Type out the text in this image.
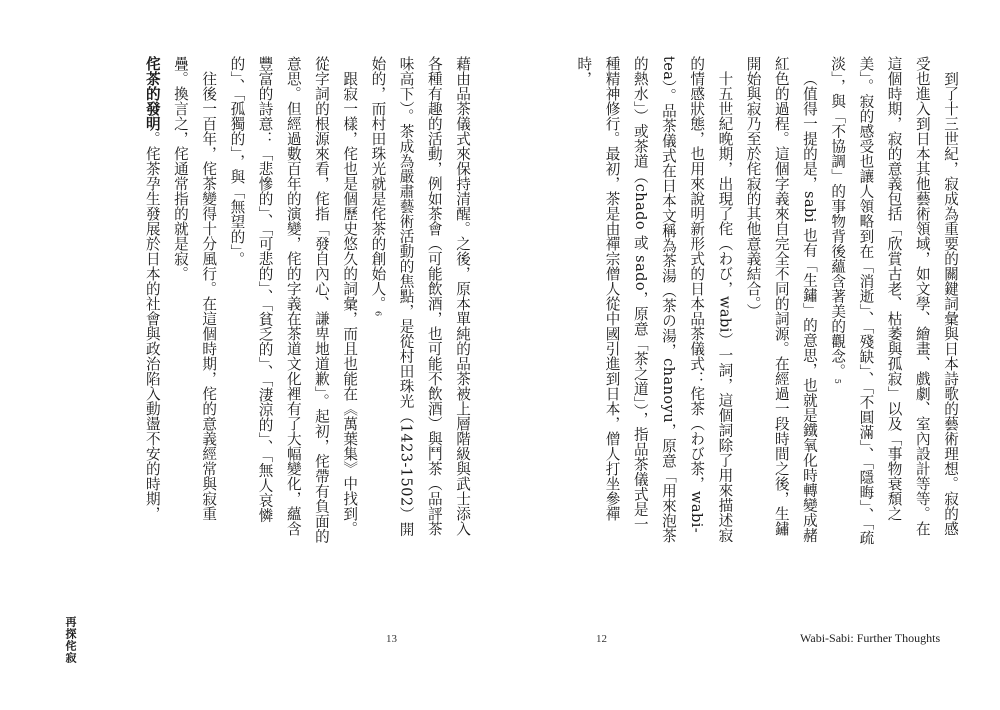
藉由品茶儀式來保持清醒。之後，原本單純的品茶被上層階級與武士添入各種有趣的活動，例如茶會（可能飲酒，也可能不飲酒）與鬥茶（品評茶味高下）。茶成為嚴肅藝術活動的焦點，是從村田珠光（1423-1502）開始的，而村田珠光就是侘茶的創始人。6

跟寂一樣，侘也是個歷史悠久的詞彙，而且也能在《萬葉集》中找到。從字詞的根源來看，侘指「發自內心、謙卑地道歉」。起初，侘帶有負面的意思。但經過數百年的演變，侘的字義在茶道文化裡有了大幅變化，蘊含豐富的詩意：「悲慘的」、「可悲的」、「貧乏的」、「淒涼的」、「無人哀憐的」、「孤獨的」，與「無望的」。

往後一百年，侘茶變得十分風行。在這個時期，侘的意義經常與寂重疊。換言之，侘通常指的就是寂。

侘茶的發明。侘茶孕生發展於日本的社會與政治陷入動盪不安的時期，

再探侘寂	13

到了十三世紀，寂成為重要的關鍵詞彙與日本詩歌的藝術理想。寂的感受也進入到日本其他藝術領域，如文學、繪畫、戲劇、室內設計等等。在這個時期，寂的意義包括「欣賞古老、枯萎與孤寂」以及「事物衰頹之美」。寂的感受也讓人領略到在「消逝」、「殘缺」、「不圓滿」、「隱晦」、「疏淡」，與「不協調」的事物背後蘊含著美的觀念。5

（值得一提的是，sabi 也有「生鏽」的意思，也就是鐵氧化時轉變成赭紅色的過程。這個字義來自完全不同的詞源。在經過一段時間之後，生鏽開始與寂乃至於侘寂的其他意義結合。）

十五世紀晚期，出現了侘（わび，wabi）一詞，這個詞除了用來描述寂的情感狀態，也用來說明新形式的日本品茶儀式：侘茶（わび茶，wabi-tea）。品茶儀式在日本文稱為茶湯（茶の湯，chanoyu，原意「用來泡茶的熱水」）或茶道（chado 或 sado，原意「茶之道」），指品茶儀式是一種精神修行。最初，茶是由禪宗僧人從中國引進到日本，僧人打坐參禪時，

12	Wabi-Sabi: Further Thoughts
